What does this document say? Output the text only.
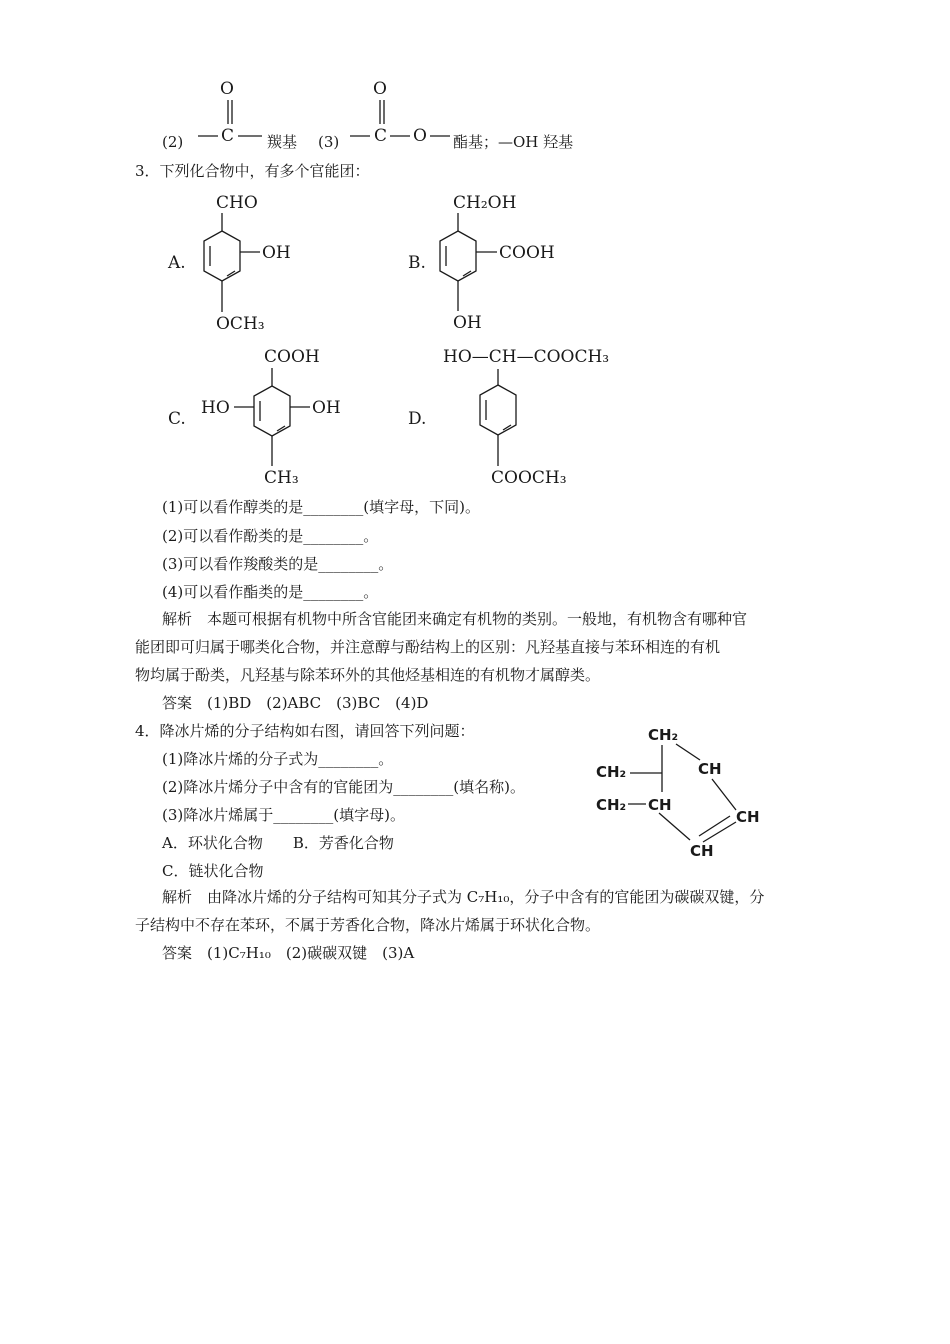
(2)
O
C 羰基 (3)
O
C O 酯基；—OH 羟基
3．下列化合物中，有多个官能团：
A.
CHO
OH
OCH₃
B.
CH₂OH
COOH
OH
C.
COOH
HO	OH
CH₃
D.
HO—CH—COOCH₃
COOCH₃
(1)可以看作醇类的是________(填字母，下同)。
(2)可以看作酚类的是________。
(3)可以看作羧酸类的是________。
(4)可以看作酯类的是________。
解析　本题可根据有机物中所含官能团来确定有机物的类别。一般地，有机物含有哪种官
能团即可归属于哪类化合物，并注意醇与酚结构上的区别：凡羟基直接与苯环相连的有机
物均属于酚类，凡羟基与除苯环外的其他烃基相连的有机物才属醇类。
答案　(1)BD　(2)ABC　(3)BC　(4)D
4．降冰片烯的分子结构如右图，请回答下列问题：
(1)降冰片烯的分子式为________。
(2)降冰片烯分子中含有的官能团为________(填名称)。
(3)降冰片烯属于________(填字母)。
A．环状化合物　　B．芳香化合物
C．链状化合物
CH₂
CH₂
CH₂
CH
CH
CH
CH
解析　由降冰片烯的分子结构可知其分子式为 C₇H₁₀，分子中含有的官能团为碳碳双键，分
子结构中不存在苯环，不属于芳香化合物，降冰片烯属于环状化合物。
答案　(1)C₇H₁₀　(2)碳碳双键　(3)A
